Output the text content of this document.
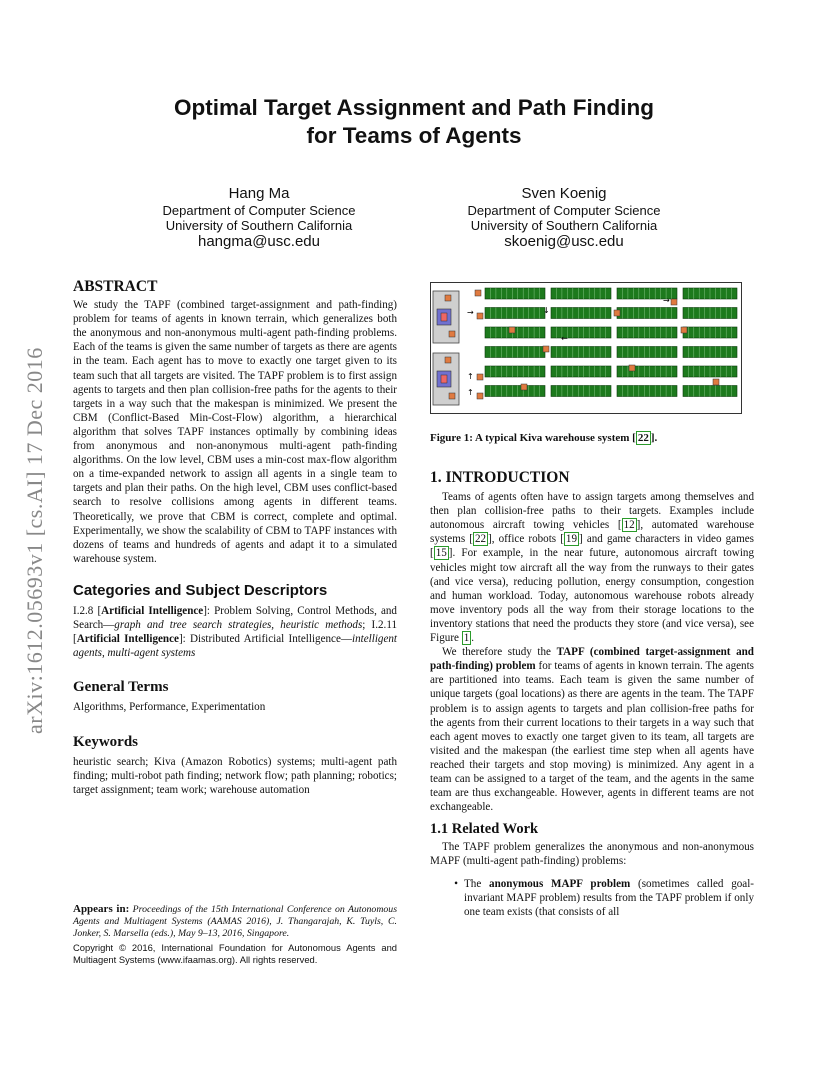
Optimal Target Assignment and Path Finding
for Teams of Agents
Hang Ma
Department of Computer Science
University of Southern California
hangma@usc.edu
Sven Koenig
Department of Computer Science
University of Southern California
skoenig@usc.edu
arXiv:1612.05693v1 [cs.AI] 17 Dec 2016
ABSTRACT

We study the TAPF (combined target-assignment and path-finding) problem for teams of agents in known terrain, which generalizes both the anonymous and non-anonymous multi-agent path-finding problems. Each of the teams is given the same number of targets as there are agents in the team. Each agent has to move to exactly one target given to its team such that all targets are visited. The TAPF problem is to first assign agents to targets and then plan collision-free paths for the agents to their targets in a way such that the makespan is minimized. We present the CBM (Conflict-Based Min-Cost-Flow) algorithm, a hierarchical algorithm that solves TAPF instances optimally by combining ideas from anonymous and non-anonymous multi-agent path-finding algorithms. On the low level, CBM uses a min-cost max-flow algorithm on a time-expanded network to assign all agents in a single team to targets and plan their paths. On the high level, CBM uses conflict-based search to resolve collisions among agents in different teams. Theoretically, we prove that CBM is correct, complete and optimal. Experimentally, we show the scalability of CBM to TAPF instances with dozens of teams and hundreds of agents and adapt it to a simulated warehouse system.

Categories and Subject Descriptors

I.2.8 [Artificial Intelligence]: Problem Solving, Control Methods, and Search—graph and tree search strategies, heuristic methods; I.2.11 [Artificial Intelligence]: Distributed Artificial Intelligence—intelligent agents, multi-agent systems

General Terms

Algorithms, Performance, Experimentation

Keywords

heuristic search; Kiva (Amazon Robotics) systems; multi-agent path finding; multi-robot path finding; network flow; path planning; robotics; target assignment; team work; warehouse automation

Appears in: Proceedings of the 15th International Conference on Autonomous Agents and Multiagent Systems (AAMAS 2016), J. Thangarajah, K. Tuyls, C. Jonker, S. Marsella (eds.), May 9–13, 2016, Singapore.
Copyright © 2016, International Foundation for Autonomous Agents and Multiagent Systems (www.ifaamas.org). All rights reserved.
→
↑
↑
←
→
↓
Figure 1: A typical Kiva warehouse system [ 22 ].
1. INTRODUCTION

Teams of agents often have to assign targets among themselves and then plan collision-free paths to their targets. Examples include autonomous aircraft towing vehicles [ 12 ], automated warehouse systems [ 22 ], office robots [ 19 ] and game characters in video games [ 15 ]. For example, in the near future, autonomous aircraft towing vehicles might tow aircraft all the way from the runways to their gates (and vice versa), reducing pollution, energy consumption, congestion and human workload. Today, autonomous warehouse robots already move inventory pods all the way from their storage locations to the inventory stations that need the products they store (and vice versa), see Figure 1 .

We therefore study the TAPF (combined target-assignment and path-finding) problem for teams of agents in known terrain. The agents are partitioned into teams. Each team is given the same number of unique targets (goal locations) as there are agents in the team. The TAPF problem is to assign agents to targets and plan collision-free paths for the agents from their current locations to their targets in a way such that each agent moves to exactly one target given to its team, all targets are visited and the makespan (the earliest time step when all agents have reached their targets and stop moving) is minimized. Any agent in a team can be assigned to a target of the team, and the agents in the same team are thus exchangeable. However, agents in different teams are not exchangeable.

1.1 Related Work

The TAPF problem generalizes the anonymous and non-anonymous MAPF (multi-agent path-finding) problems:

• The anonymous MAPF problem (sometimes called goal-invariant MAPF problem) results from the TAPF problem if only one team exists (that consists of all
